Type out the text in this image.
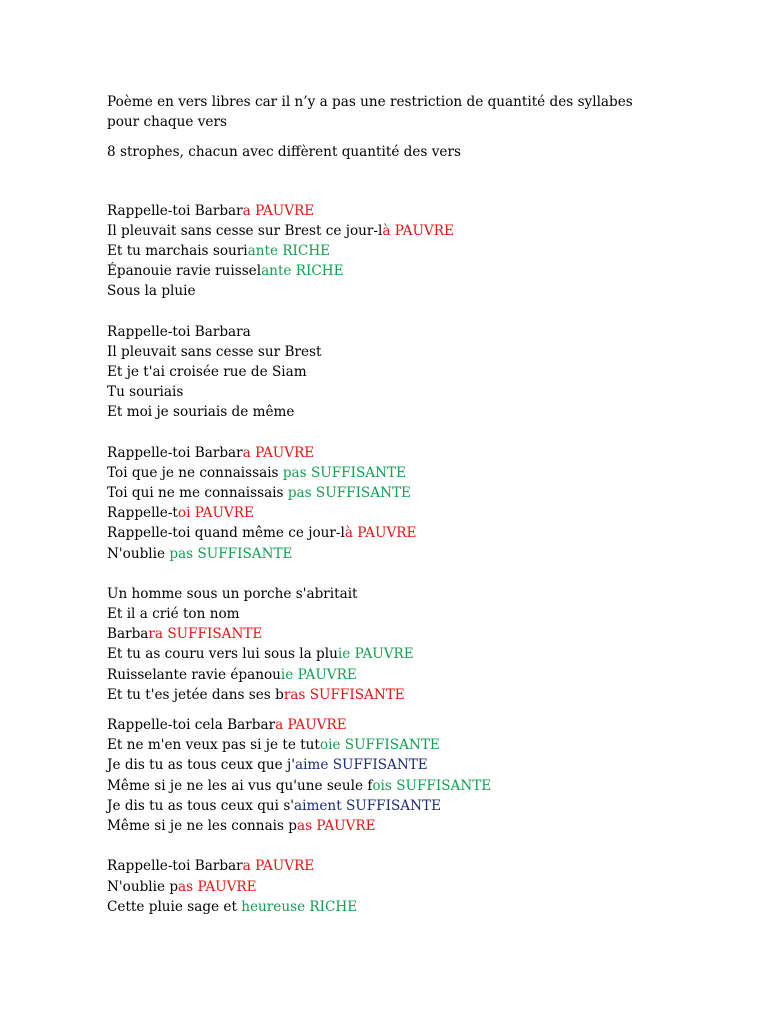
Poème en vers libres car il n’y a pas une restriction de quantité des syllabes pour chaque vers

8 strophes, chacun avec diffèrent quantité des vers

Rappelle-toi Barbara PAUVRE
Il pleuvait sans cesse sur Brest ce jour-là PAUVRE
Et tu marchais souriante RICHE
Épanouie ravie ruisselante RICHE
Sous la pluie
Rappelle-toi Barbara
Il pleuvait sans cesse sur Brest
Et je t'ai croisée rue de Siam
Tu souriais
Et moi je souriais de même
Rappelle-toi Barbara PAUVRE
Toi que je ne connaissais pas SUFFISANTE
Toi qui ne me connaissais pas SUFFISANTE
Rappelle-toi PAUVRE
Rappelle-toi quand même ce jour-là PAUVRE
N'oublie pas SUFFISANTE
Un homme sous un porche s'abritait
Et il a crié ton nom
Barbara SUFFISANTE
Et tu as couru vers lui sous la pluie PAUVRE
Ruisselante ravie épanouie PAUVRE
Et tu t'es jetée dans ses bras SUFFISANTE
Rappelle-toi cela Barbara PAUVRE
Et ne m'en veux pas si je te tutoie SUFFISANTE
Je dis tu as tous ceux que j'aime SUFFISANTE
Même si je ne les ai vus qu'une seule fois SUFFISANTE
Je dis tu as tous ceux qui s'aiment SUFFISANTE
Même si je ne les connais pas PAUVRE
Rappelle-toi Barbara PAUVRE
N'oublie pas PAUVRE
Cette pluie sage et heureuse RICHE
